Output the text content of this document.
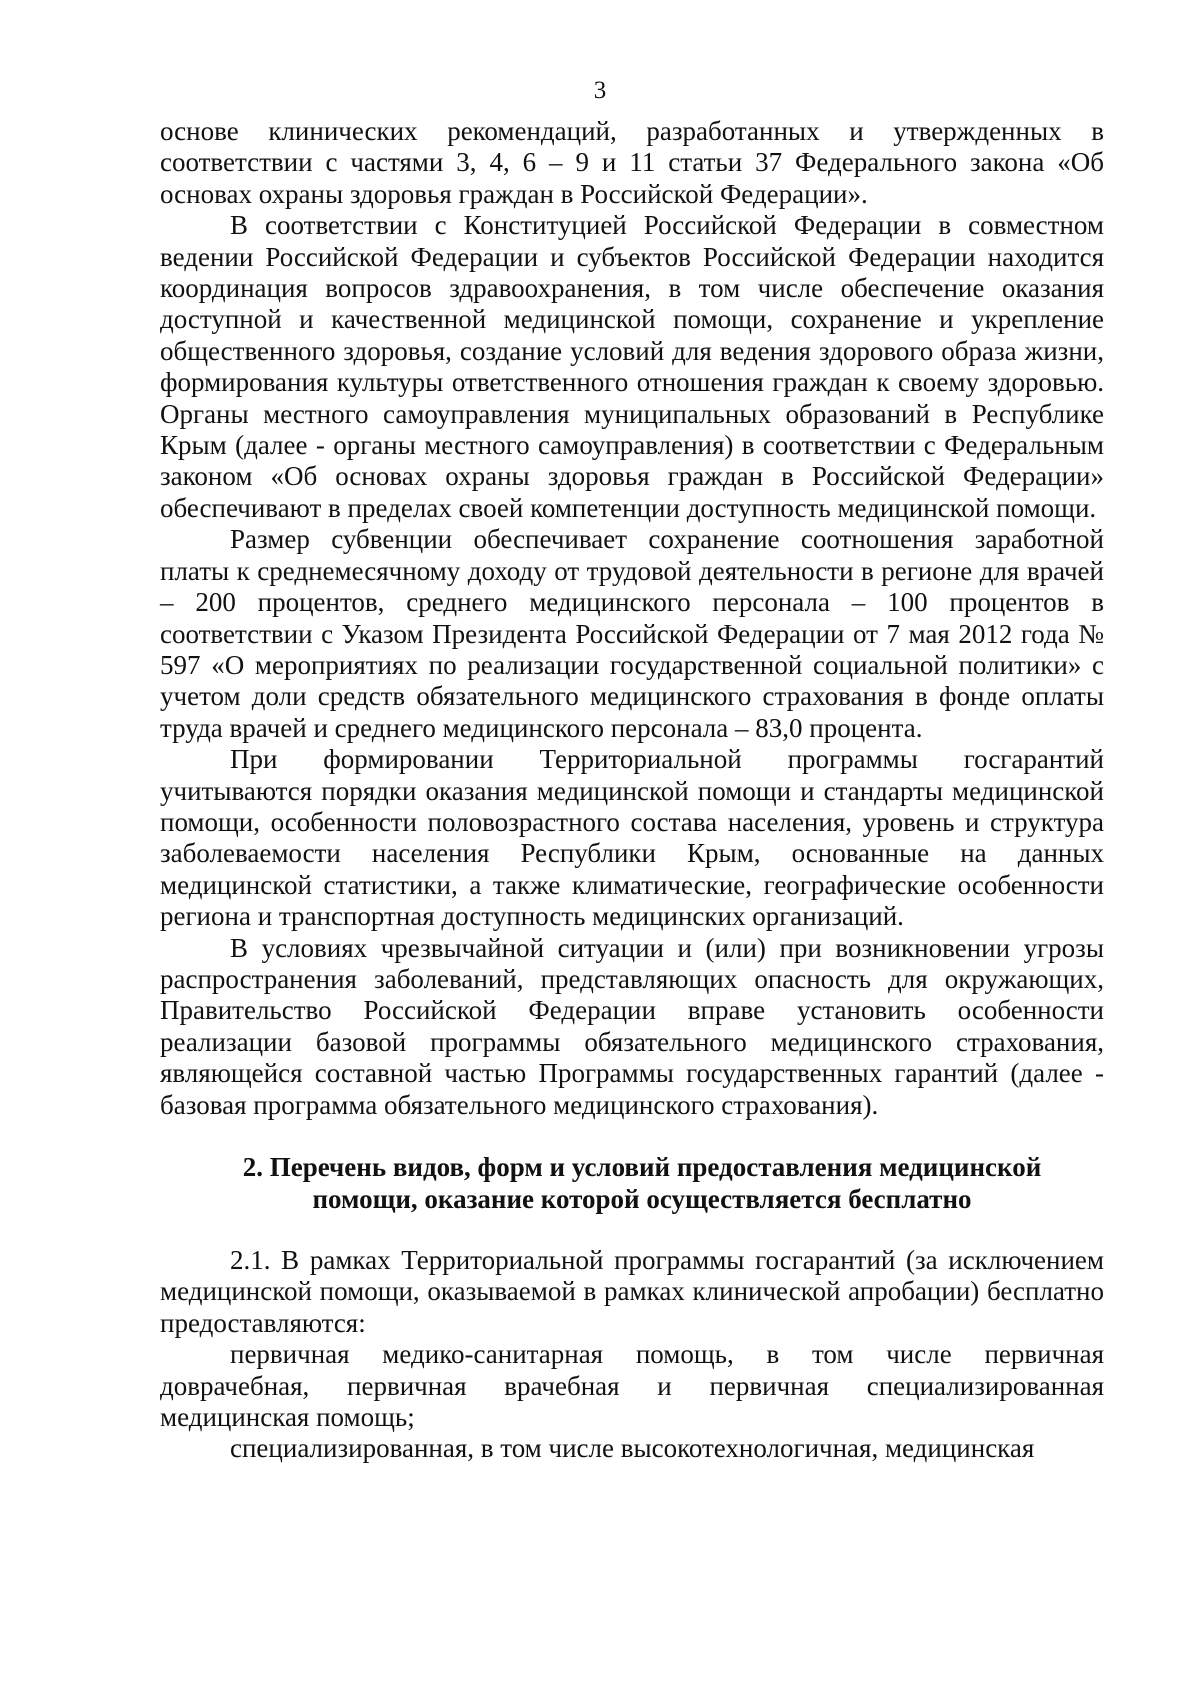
3

основе клинических рекомендаций, разработанных и утвержденных в соответствии с частями 3, 4, 6 – 9 и 11 статьи 37 Федерального закона «Об основах охраны здоровья граждан в Российской Федерации».

В соответствии с Конституцией Российской Федерации в совместном ведении Российской Федерации и субъектов Российской Федерации находится координация вопросов здравоохранения, в том числе обеспечение оказания доступной и качественной медицинской помощи, сохранение и укрепление общественного здоровья, создание условий для ведения здорового образа жизни, формирования культуры ответственного отношения граждан к своему здоровью. Органы местного самоуправления муниципальных образований в Республике Крым (далее - органы местного самоуправления) в соответствии с Федеральным законом «Об основах охраны здоровья граждан в Российской Федерации» обеспечивают в пределах своей компетенции доступность медицинской помощи.

Размер субвенции обеспечивает сохранение соотношения заработной платы к среднемесячному доходу от трудовой деятельности в регионе для врачей – 200 процентов, среднего медицинского персонала – 100 процентов в соответствии с Указом Президента Российской Федерации от 7 мая 2012 года № 597 «О мероприятиях по реализации государственной социальной политики» с учетом доли средств обязательного медицинского страхования в фонде оплаты труда врачей и среднего медицинского персонала – 83,0 процента.

При формировании Территориальной программы госгарантий учитываются порядки оказания медицинской помощи и стандарты медицинской помощи, особенности половозрастного состава населения, уровень и структура заболеваемости населения Республики Крым, основанные на данных медицинской статистики, а также климатические, географические особенности региона и транспортная доступность медицинских организаций.

В условиях чрезвычайной ситуации и (или) при возникновении угрозы распространения заболеваний, представляющих опасность для окружающих, Правительство Российской Федерации вправе установить особенности реализации базовой программы обязательного медицинского страхования, являющейся составной частью Программы государственных гарантий (далее - базовая программа обязательного медицинского страхования).

2. Перечень видов, форм и условий предоставления медицинской помощи, оказание которой осуществляется бесплатно

2.1. В рамках Территориальной программы госгарантий (за исключением медицинской помощи, оказываемой в рамках клинической апробации) бесплатно предоставляются:

первичная медико-санитарная помощь, в том числе первичная доврачебная, первичная врачебная и первичная специализированная медицинская помощь;

специализированная, в том числе высокотехнологичная, медицинская
